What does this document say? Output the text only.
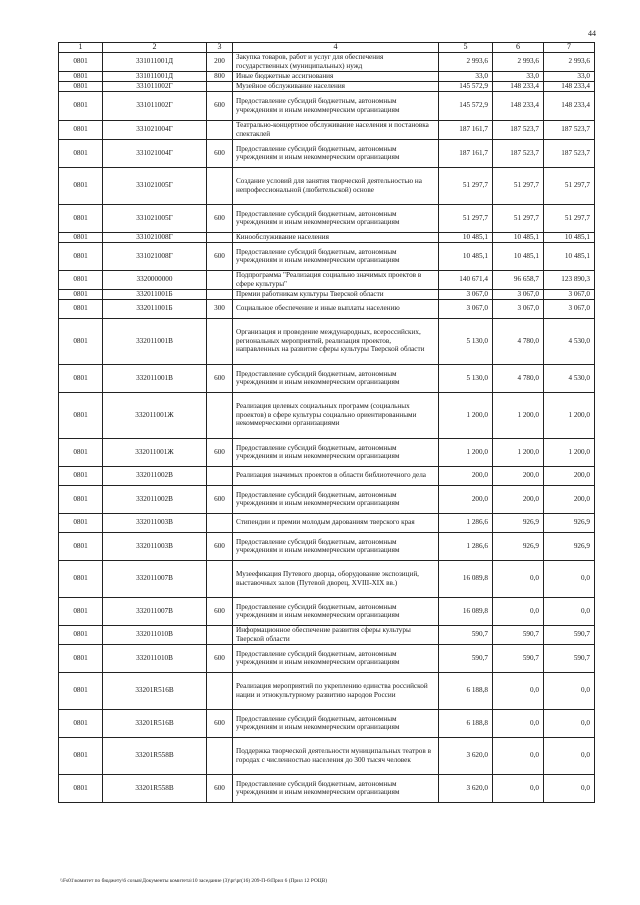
44
1	2	3	4	5	6	7
0801	331011001Д	200	Закупка товаров, работ и услуг для обеспечения государственных (муниципальных) нужд	2 993,6	2 993,6	2 993,6
0801	331011001Д	800	Иные бюджетные ассигнования	33,0	33,0	33,0
0801	331011002Г		Музейное обслуживание населения	145 572,9	148 233,4	148 233,4
0801	331011002Г	600	Предоставление субсидий бюджетным, автономным учреждениям и иным некоммерческим организациям	145 572,9	148 233,4	148 233,4
0801	331021004Г		Театрально-концертное обслуживание населения и постановка спектаклей	187 161,7	187 523,7	187 523,7
0801	331021004Г	600	Предоставление субсидий бюджетным, автономным учреждениям и иным некоммерческим организациям	187 161,7	187 523,7	187 523,7
0801	331021005Г		Создание условий для занятия творческой деятельностью на непрофессиональной (любительской) основе	51 297,7	51 297,7	51 297,7
0801	331021005Г	600	Предоставление субсидий бюджетным, автономным учреждениям и иным некоммерческим организациям	51 297,7	51 297,7	51 297,7
0801	331021008Г		Кинообслуживание населения	10 485,1	10 485,1	10 485,1
0801	331021008Г	600	Предоставление субсидий бюджетным, автономным учреждениям и иным некоммерческим организациям	10 485,1	10 485,1	10 485,1
0801	3320000000		Подпрограмма "Реализация социально значимых проектов в сфере культуры"	140 671,4	96 658,7	123 890,3
0801	332011001Б		Премии работникам культуры Тверской области	3 067,0	3 067,0	3 067,0
0801	332011001Б	300	Социальное обеспечение и иные выплаты населению	3 067,0	3 067,0	3 067,0
0801	332011001В		Организация и проведение международных, всероссийских, региональных мероприятий, реализация проектов, направленных на развитие сферы культуры Тверской области	5 130,0	4 780,0	4 530,0
0801	332011001В	600	Предоставление субсидий бюджетным, автономным учреждениям и иным некоммерческим организациям	5 130,0	4 780,0	4 530,0
0801	332011001Ж		Реализация целевых социальных программ (социальных проектов) в сфере культуры социально ориентированными некоммерческими организациями	1 200,0	1 200,0	1 200,0
0801	332011001Ж	600	Предоставление субсидий бюджетным, автономным учреждениям и иным некоммерческим организациям	1 200,0	1 200,0	1 200,0
0801	332011002В		Реализация значимых проектов в области библиотечного дела	200,0	200,0	200,0
0801	332011002В	600	Предоставление субсидий бюджетным, автономным учреждениям и иным некоммерческим организациям	200,0	200,0	200,0
0801	332011003В		Стипендии и премии молодым дарованиям тверского края	1 286,6	926,9	926,9
0801	332011003В	600	Предоставление субсидий бюджетным, автономным учреждениям и иным некоммерческим организациям	1 286,6	926,9	926,9
0801	332011007В		Музеефикация Путевого дворца, оборудование экспозиций, выставочных залов (Путевой дворец, XVIII-XIX вв.)	16 089,8	0,0	0,0
0801	332011007В	600	Предоставление субсидий бюджетным, автономным учреждениям и иным некоммерческим организациям	16 089,8	0,0	0,0
0801	332011010В		Информационное обеспечение развития сферы культуры Тверской области	590,7	590,7	590,7
0801	332011010В	600	Предоставление субсидий бюджетным, автономным учреждениям и иным некоммерческим организациям	590,7	590,7	590,7
0801	33201R516В		Реализация мероприятий по укреплению единства российской нации и этнокультурному развитию народов России	6 188,8	0,0	0,0
0801	33201R516В	600	Предоставление субсидий бюджетным, автономным учреждениям и иным некоммерческим организациям	6 188,8	0,0	0,0
0801	33201R558В		Поддержка творческой деятельности муниципальных театров в городах с численностью населения до 300 тысяч человек	3 620,0	0,0	0,0
0801	33201R558В	600	Предоставление субсидий бюджетным, автономным учреждениям и иным некоммерческим организациям	3 620,0	0,0	0,0
\\Fs01\комитет по бюджету\6 созыв\Документы комитета\10 заседание (3)\pr\pr(16) 209-П-6\Прил 6 (Прил 12 РОЦВ)
